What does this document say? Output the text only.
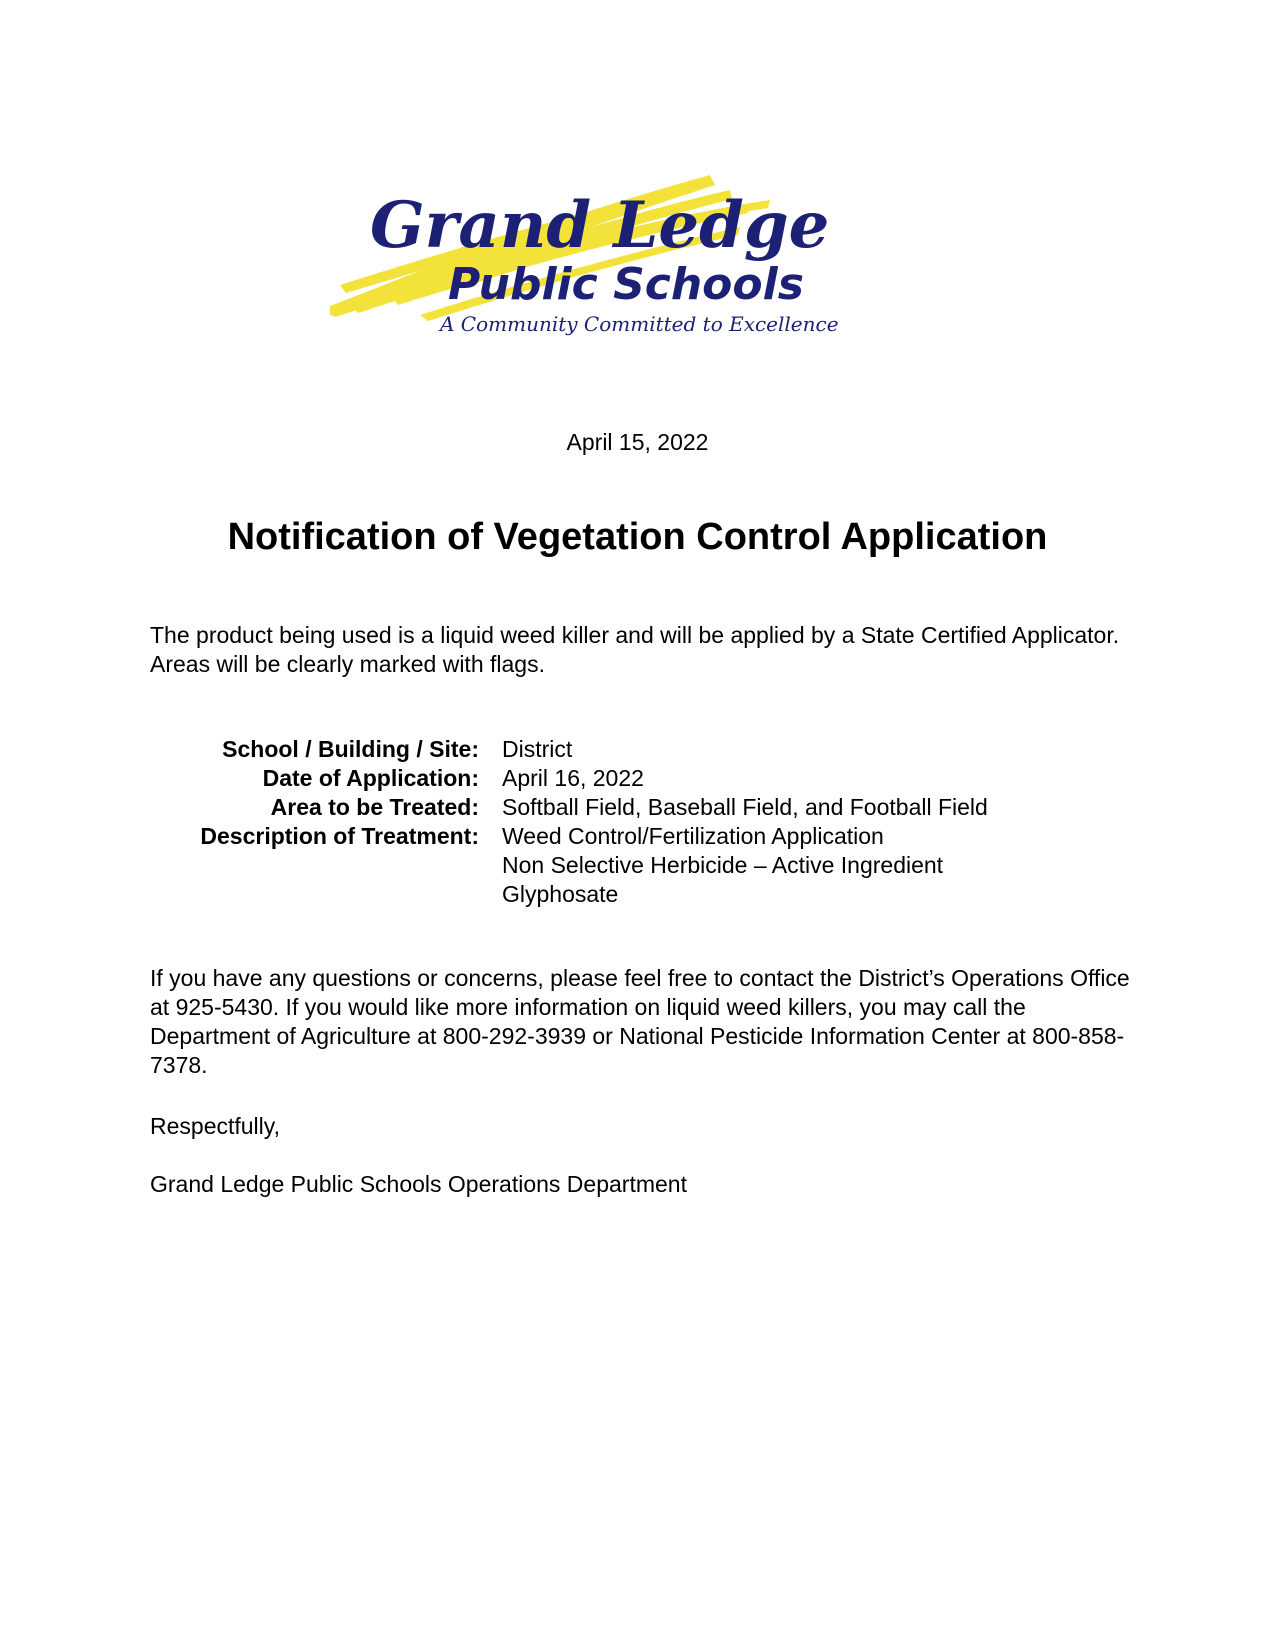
Grand Ledge
Public Schools
A Community Committed to Excellence
April 15, 2022
Notification of Vegetation Control Application
The product being used is a liquid weed killer and will be applied by a State Certified Applicator. Areas will be clearly marked with flags.
School / Building / Site: District
Date of Application: April 16, 2022
Area to be Treated: Softball Field, Baseball Field, and Football Field
Description of Treatment: Weed Control/Fertilization Application
Non Selective Herbicide – Active Ingredient Glyphosate
If you have any questions or concerns, please feel free to contact the District’s Operations Office at 925-5430. If you would like more information on liquid weed killers, you may call the Department of Agriculture at 800-292-3939 or National Pesticide Information Center at 800-858-7378.
Respectfully,
Grand Ledge Public Schools Operations Department
